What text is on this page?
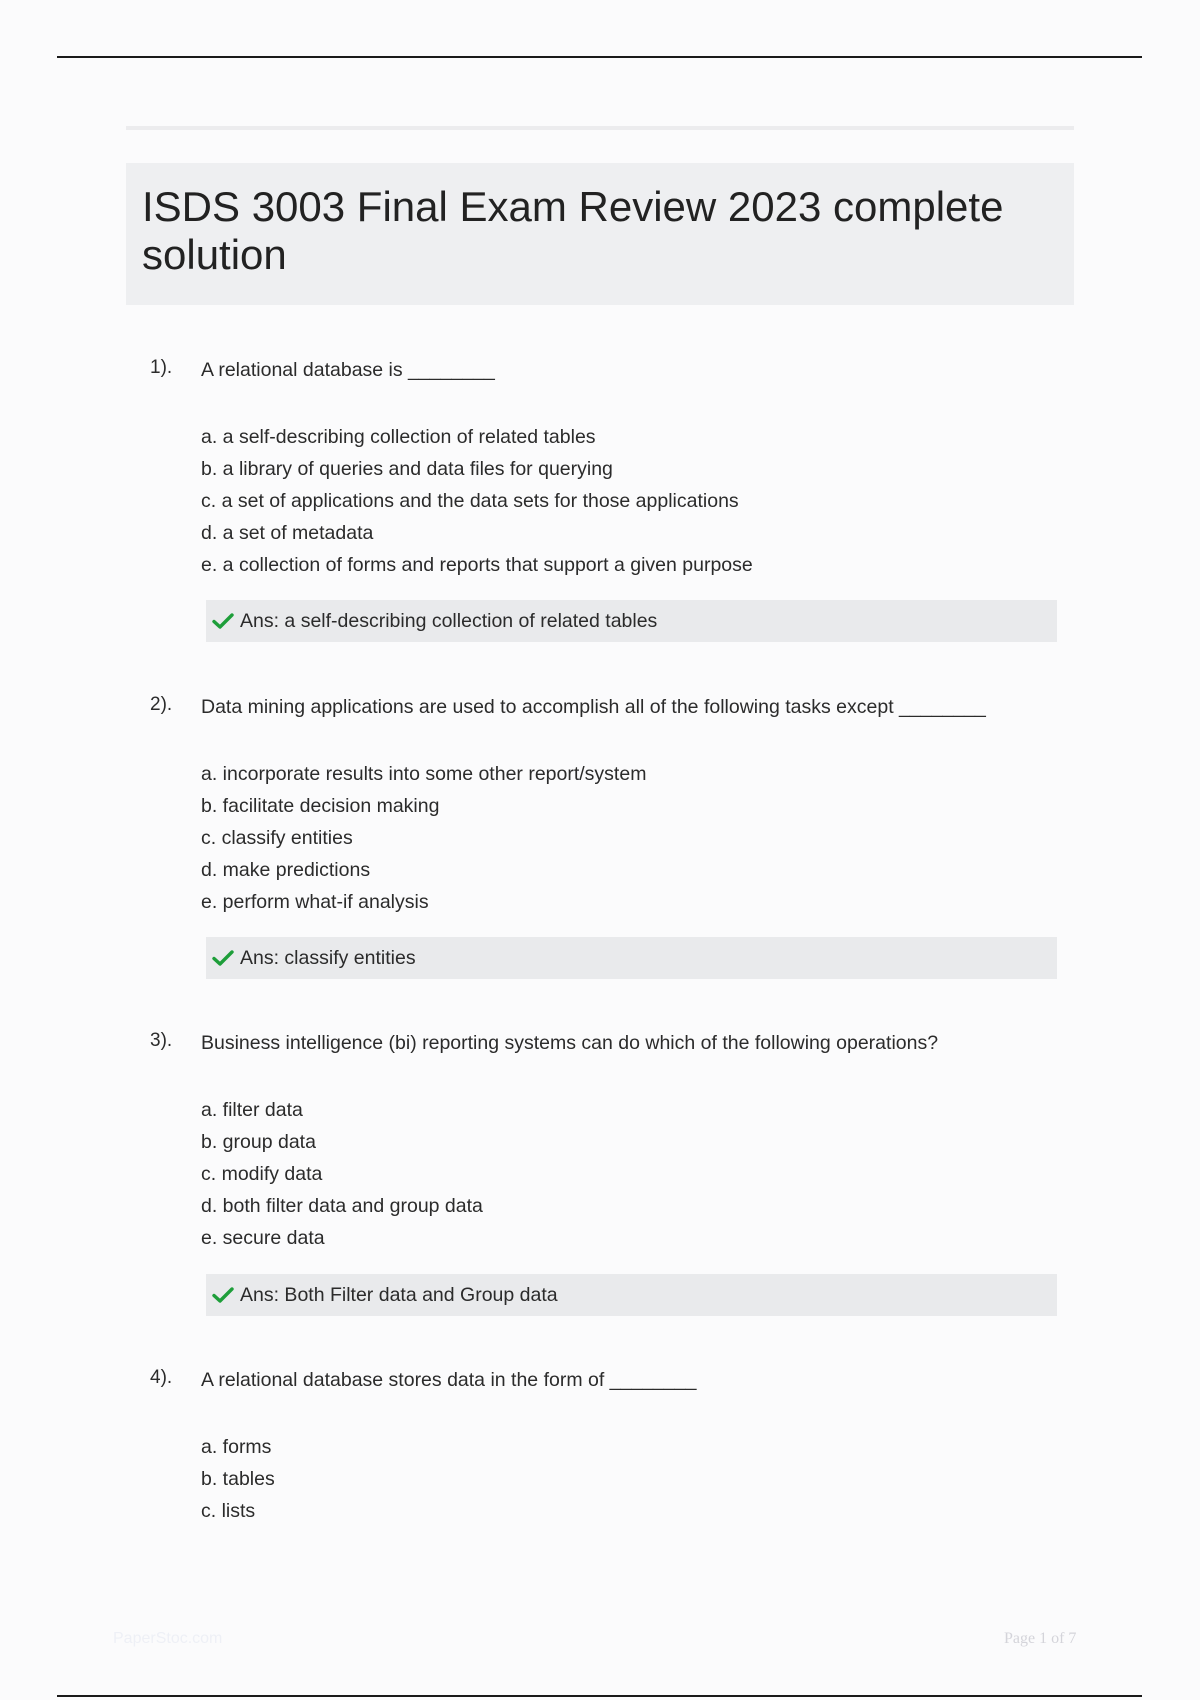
ISDS 3003 Final Exam Review 2023 complete solution
1). A relational database is ________
a. a self-describing collection of related tables
b. a library of queries and data files for querying
c. a set of applications and the data sets for those applications
d. a set of metadata
e. a collection of forms and reports that support a given purpose
Ans: a self-describing collection of related tables
2). Data mining applications are used to accomplish all of the following tasks except ________
a. incorporate results into some other report/system
b. facilitate decision making
c. classify entities
d. make predictions
e. perform what-if analysis
Ans: classify entities
3). Business intelligence (bi) reporting systems can do which of the following operations?
a. filter data
b. group data
c. modify data
d. both filter data and group data
e. secure data
Ans: Both Filter data and Group data
4). A relational database stores data in the form of ________
a. forms
b. tables
c. lists
PaperStoc.com	Page 1 of 7
